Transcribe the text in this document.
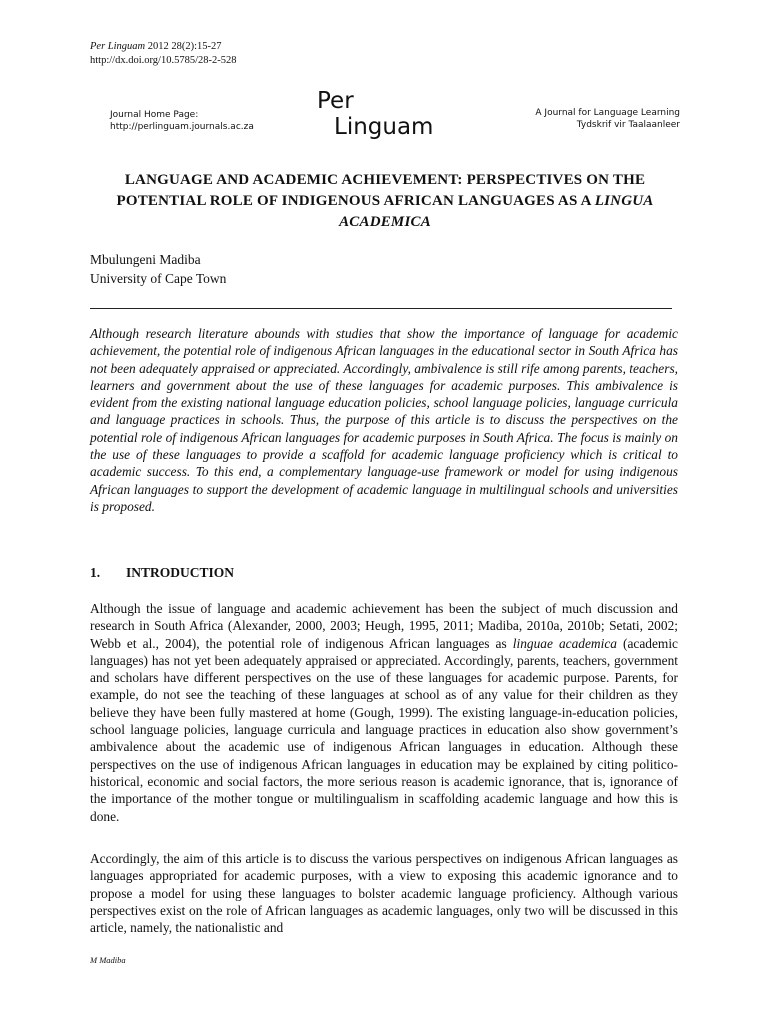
Per Linguam 2012 28(2):15-27
http://dx.doi.org/10.5785/28-2-528
Journal Home Page:
http://perlinguam.journals.ac.za
Per
Linguam
A Journal for Language Learning
Tydskrif vir Taalaanleer
LANGUAGE AND ACADEMIC ACHIEVEMENT: PERSPECTIVES ON THE POTENTIAL ROLE OF INDIGENOUS AFRICAN LANGUAGES AS A LINGUA ACADEMICA
Mbulungeni Madiba
University of Cape Town
Although research literature abounds with studies that show the importance of language for academic achievement, the potential role of indigenous African languages in the educational sector in South Africa has not been adequately appraised or appreciated. Accordingly, ambivalence is still rife among parents, teachers, learners and government about the use of these languages for academic purposes. This ambivalence is evident from the existing national language education policies, school language policies, language curricula and language practices in schools. Thus, the purpose of this article is to discuss the perspectives on the potential role of indigenous African languages for academic purposes in South Africa. The focus is mainly on the use of these languages to provide a scaffold for academic language proficiency which is critical to academic success. To this end, a complementary language-use framework or model for using indigenous African languages to support the development of academic language in multilingual schools and universities is proposed.
1. INTRODUCTION
Although the issue of language and academic achievement has been the subject of much discussion and research in South Africa (Alexander, 2000, 2003; Heugh, 1995, 2011; Madiba, 2010a, 2010b; Setati, 2002; Webb et al., 2004), the potential role of indigenous African languages as linguae academica (academic languages) has not yet been adequately appraised or appreciated. Accordingly, parents, teachers, government and scholars have different perspectives on the use of these languages for academic purpose. Parents, for example, do not see the teaching of these languages at school as of any value for their children as they believe they have been fully mastered at home (Gough, 1999). The existing language-in-education policies, school language policies, language curricula and language practices in education also show government’s ambivalence about the academic use of indigenous African languages in education. Although these perspectives on the use of indigenous African languages in education may be explained by citing politico-historical, economic and social factors, the more serious reason is academic ignorance, that is, ignorance of the importance of the mother tongue or multilingualism in scaffolding academic language and how this is done.
Accordingly, the aim of this article is to discuss the various perspectives on indigenous African languages as languages appropriated for academic purposes, with a view to exposing this academic ignorance and to propose a model for using these languages to bolster academic language proficiency. Although various perspectives exist on the role of African languages as academic languages, only two will be discussed in this article, namely, the nationalistic and
M Madiba
